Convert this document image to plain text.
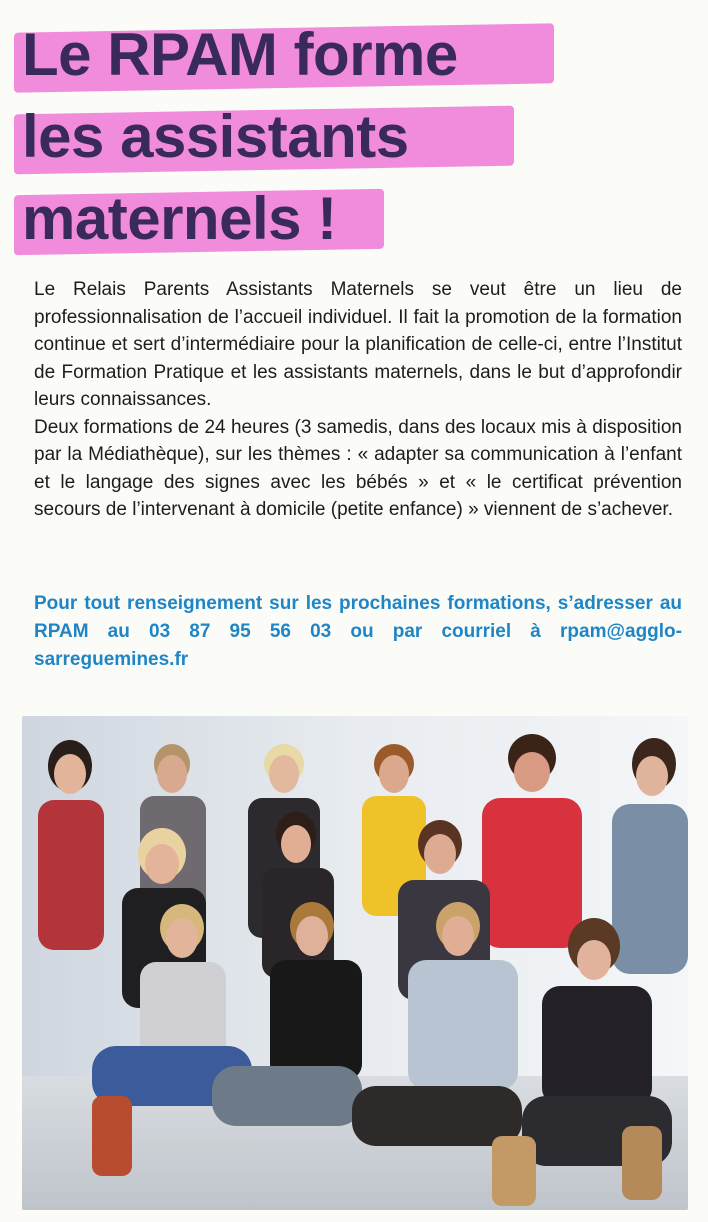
Le RPAM forme
les assistants
maternels !

Le Relais Parents Assistants Maternels se veut être un lieu de professionnalisation de l’accueil individuel. Il fait la promotion de la formation continue et sert d’intermédiaire pour la planification de celle-ci, entre l’Institut de Formation Pratique et les assistants maternels, dans le but d’approfondir leurs connaissances.

Deux formations de 24 heures (3 samedis, dans des locaux mis à disposition par la Médiathèque), sur les thèmes : « adapter sa communication à l’enfant et le langage des signes avec les bébés » et « le certificat prévention secours de l’intervenant à domicile (petite enfance) » viennent de s’achever.

Pour tout renseignement sur les prochaines formations, s’adresser au RPAM au 03 87 95 56 03 ou par courriel à rpam@agglo-sarreguemines.fr
